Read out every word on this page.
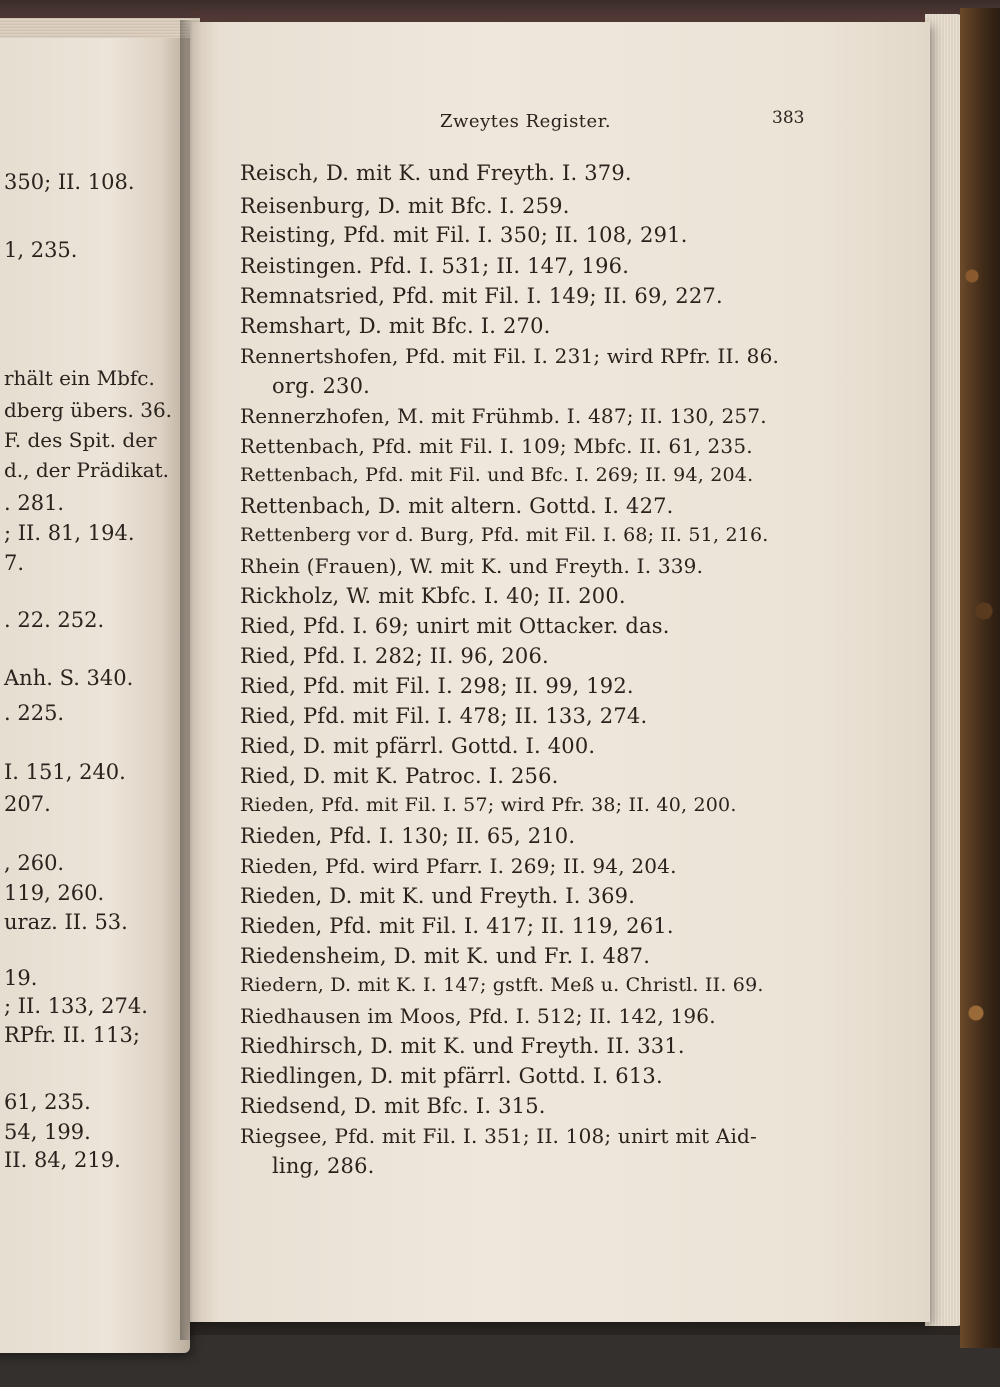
350; II. 108.
1, 235.
rhält ein Mbfc.
dberg übers. 36.
F. des Spit. der
d., der Prädikat.
. 281.
; II. 81, 194.
7.
. 22. 252.
Anh. S. 340.
. 225.
I. 151, 240.
207.
, 260.
119, 260.
uraz. II. 53.
19.
; II. 133, 274.
RPfr. II. 113;
61, 235.
54, 199.
II. 84, 219.
Zweytes Register.	383
Reisch, D. mit K. und Freyth. I. 379.
Reisenburg, D. mit Bfc. I. 259.
Reisting, Pfd. mit Fil. I. 350; II. 108, 291.
Reistingen. Pfd. I. 531; II. 147, 196.
Remnatsried, Pfd. mit Fil. I. 149; II. 69, 227.
Remshart, D. mit Bfc. I. 270.
Rennertshofen, Pfd. mit Fil. I. 231; wird RPfr. II. 86.
org. 230.
Rennerzhofen, M. mit Frühmb. I. 487; II. 130, 257.
Rettenbach, Pfd. mit Fil. I. 109; Mbfc. II. 61, 235.
Rettenbach, Pfd. mit Fil. und Bfc. I. 269; II. 94, 204.
Rettenbach, D. mit altern. Gottd. I. 427.
Rettenberg vor d. Burg, Pfd. mit Fil. I. 68; II. 51, 216.
Rhein (Frauen), W. mit K. und Freyth. I. 339.
Rickholz, W. mit Kbfc. I. 40; II. 200.
Ried, Pfd. I. 69; unirt mit Ottacker. das.
Ried, Pfd. I. 282; II. 96, 206.
Ried, Pfd. mit Fil. I. 298; II. 99, 192.
Ried, Pfd. mit Fil. I. 478; II. 133, 274.
Ried, D. mit pfärrl. Gottd. I. 400.
Ried, D. mit K. Patroc. I. 256.
Rieden, Pfd. mit Fil. I. 57; wird Pfr. 38; II. 40, 200.
Rieden, Pfd. I. 130; II. 65, 210.
Rieden, Pfd. wird Pfarr. I. 269; II. 94, 204.
Rieden, D. mit K. und Freyth. I. 369.
Rieden, Pfd. mit Fil. I. 417; II. 119, 261.
Riedensheim, D. mit K. und Fr. I. 487.
Riedern, D. mit K. I. 147; gstft. Meß u. Christl. II. 69.
Riedhausen im Moos, Pfd. I. 512; II. 142, 196.
Riedhirsch, D. mit K. und Freyth. II. 331.
Riedlingen, D. mit pfärrl. Gottd. I. 613.
Riedsend, D. mit Bfc. I. 315.
Riegsee, Pfd. mit Fil. I. 351; II. 108; unirt mit Aid-
ling, 286.
